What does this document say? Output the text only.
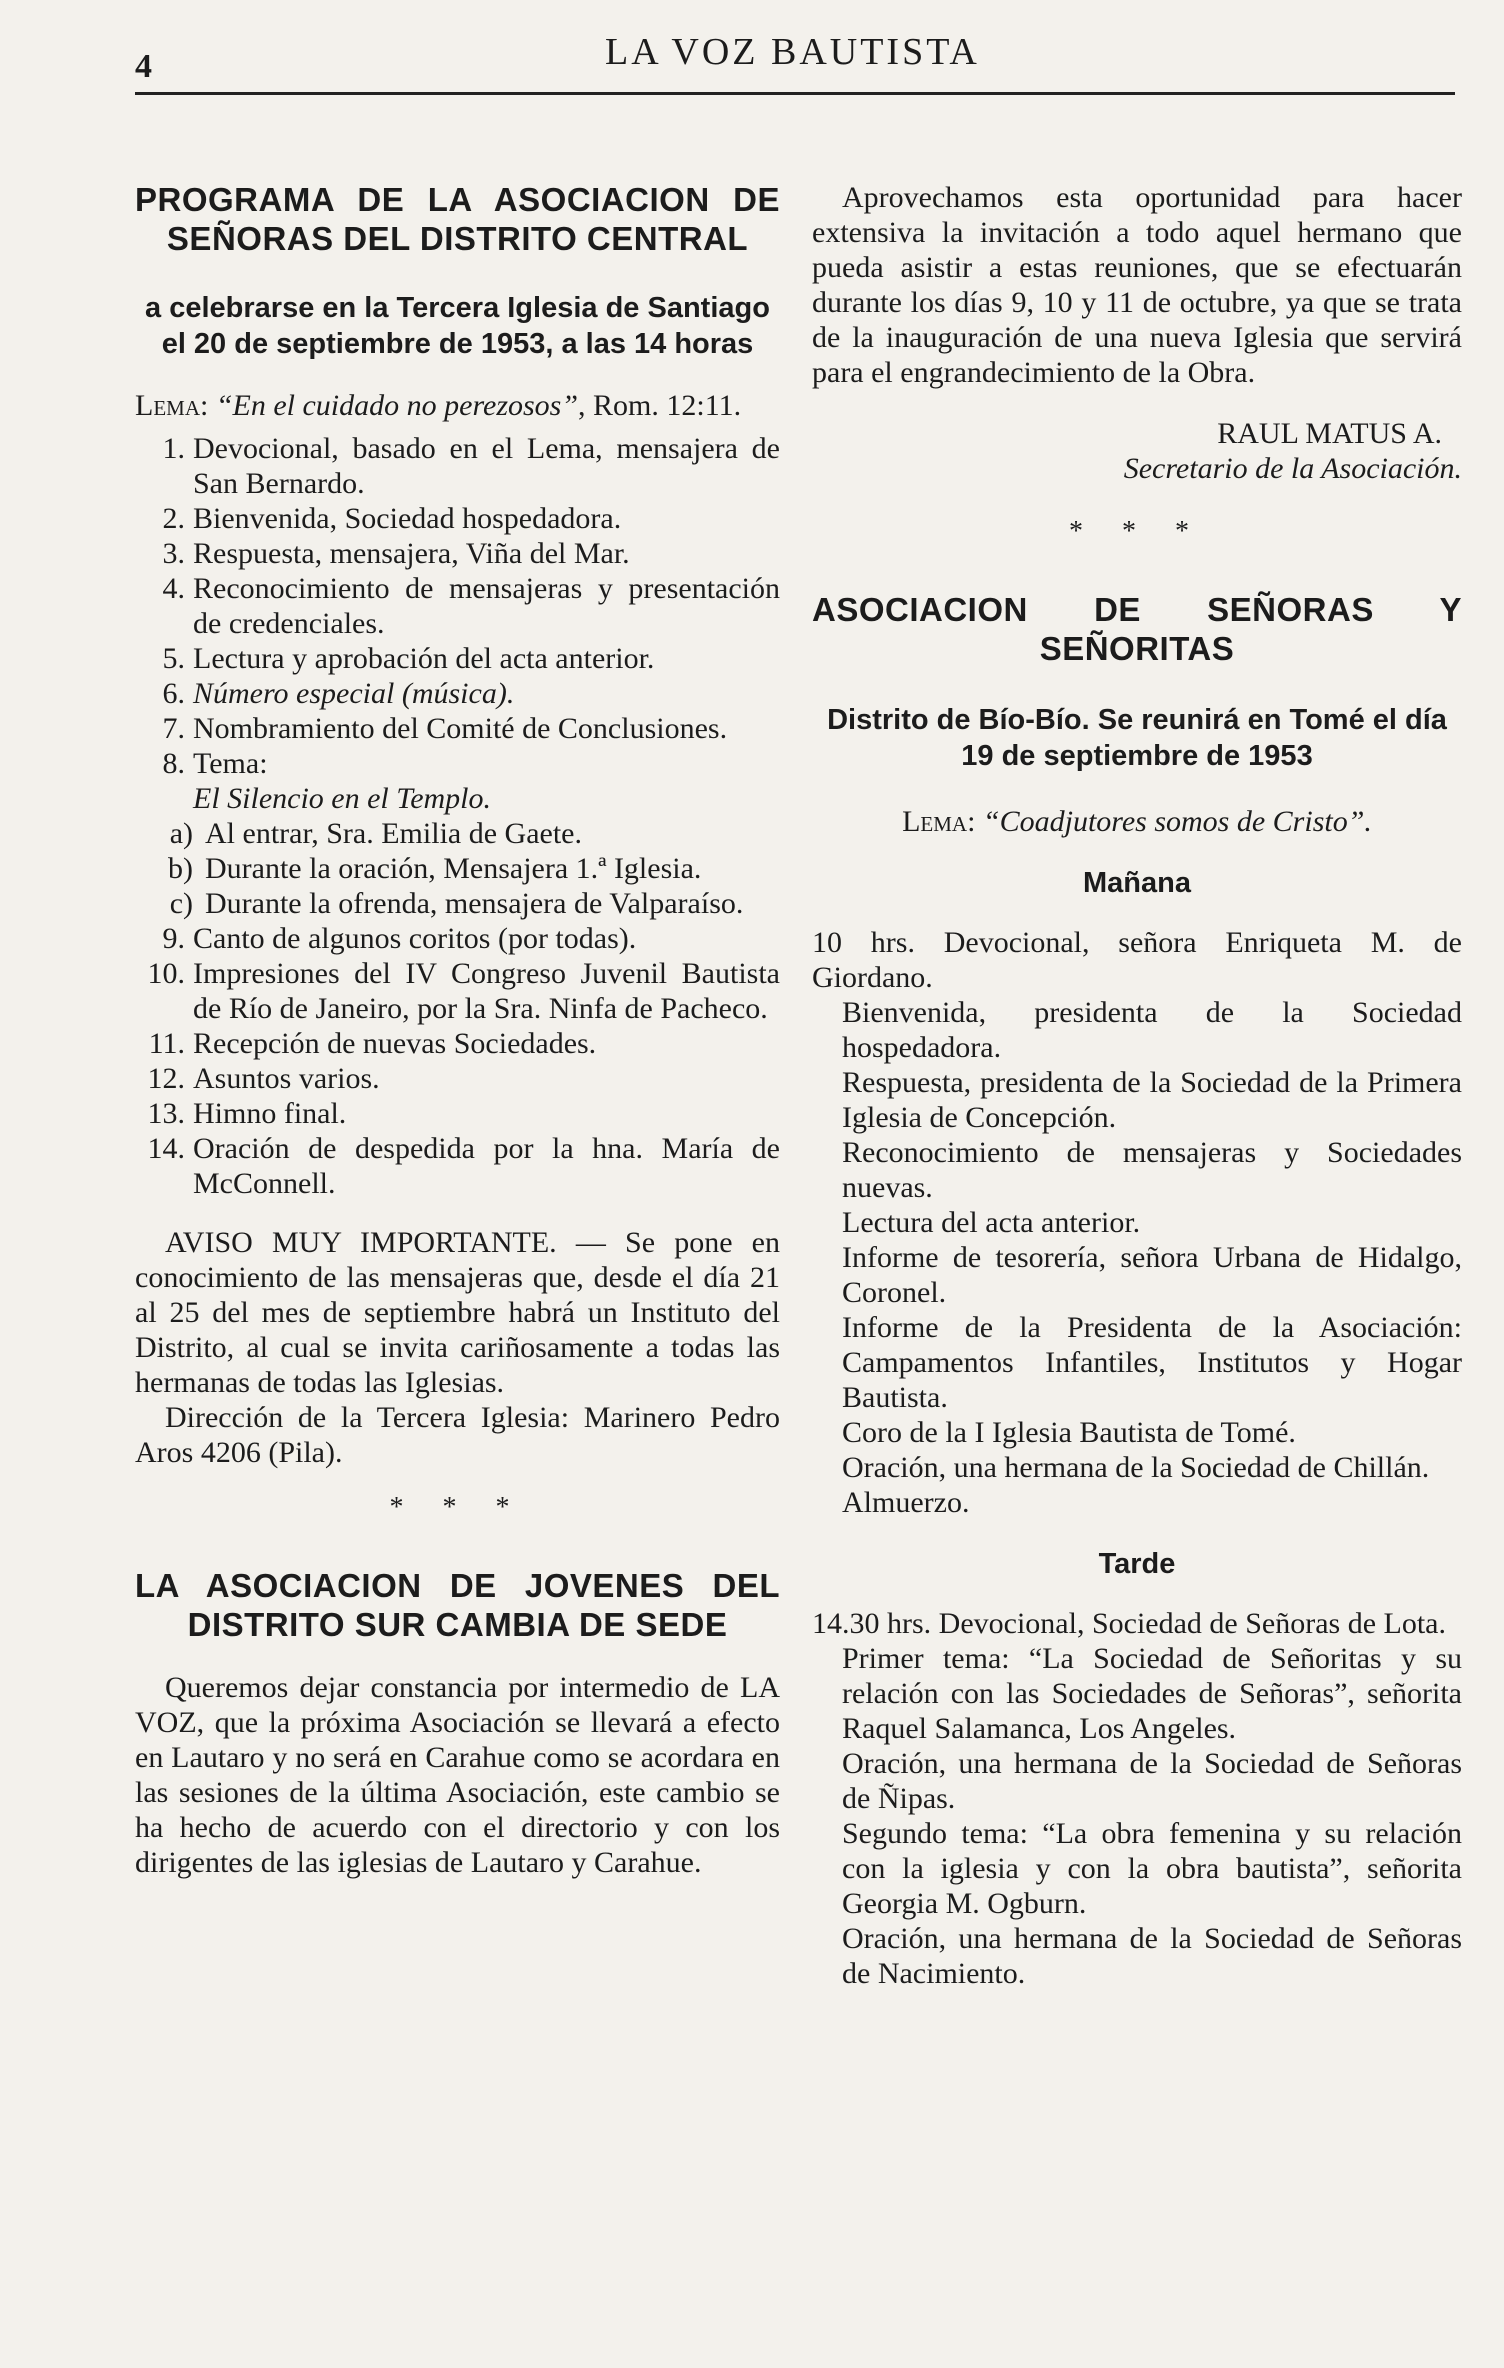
4	LA VOZ BAUTISTA
PROGRAMA DE LA ASOCIACION DE SEÑORAS DEL DISTRITO CENTRAL
a celebrarse en la Tercera Iglesia de Santiago el 20 de septiembre de 1953, a las 14 horas

Lema: “En el cuidado no perezosos”, Rom. 12:11.

1. Devocional, basado en el Lema, mensajera de San Bernardo.
2. Bienvenida, Sociedad hospedadora.
3. Respuesta, mensajera, Viña del Mar.
4. Reconocimiento de mensajeras y presentación de credenciales.
5. Lectura y aprobación del acta anterior.
6. Número especial (música).
7. Nombramiento del Comité de Conclusiones.
8. Tema:
El Silencio en el Templo.
a) Al entrar, Sra. Emilia de Gaete.
b) Durante la oración, Mensajera 1.ª Iglesia.
c) Durante la ofrenda, mensajera de Valparaíso.
9. Canto de algunos coritos (por todas).
10. Impresiones del IV Congreso Juvenil Bautista de Río de Janeiro, por la Sra. Ninfa de Pacheco.
11. Recepción de nuevas Sociedades.
12. Asuntos varios.
13. Himno final.
14. Oración de despedida por la hna. María de McConnell.

AVISO MUY IMPORTANTE. — Se pone en conocimiento de las mensajeras que, desde el día 21 al 25 del mes de septiembre habrá un Instituto del Distrito, al cual se invita cariñosamente a todas las hermanas de todas las Iglesias.

Dirección de la Tercera Iglesia: Marinero Pedro Aros 4206 (Pila).

* * *
LA ASOCIACION DE JOVENES DEL DISTRITO SUR CAMBIA DE SEDE

Queremos dejar constancia por intermedio de LA VOZ, que la próxima Asociación se llevará a efecto en Lautaro y no será en Carahue como se acordara en las sesiones de la última Asociación, este cambio se ha hecho de acuerdo con el directorio y con los dirigentes de las iglesias de Lautaro y Carahue.

Aprovechamos esta oportunidad para hacer extensiva la invitación a todo aquel hermano que pueda asistir a estas reuniones, que se efectuarán durante los días 9, 10 y 11 de octubre, ya que se trata de la inauguración de una nueva Iglesia que servirá para el engrandecimiento de la Obra.

RAUL MATUS A.

Secretario de la Asociación.

* * *
ASOCIACION DE SEÑORAS Y SEÑORITAS
Distrito de Bío-Bío. Se reunirá en Tomé el día 19 de septiembre de 1953

Lema: “Coadjutores somos de Cristo”.

Mañana

10 hrs. Devocional, señora Enriqueta M. de Giordano.

Bienvenida, presidenta de la Sociedad hospedadora.

Respuesta, presidenta de la Sociedad de la Primera Iglesia de Concepción.

Reconocimiento de mensajeras y Sociedades nuevas.

Lectura del acta anterior.

Informe de tesorería, señora Urbana de Hidalgo, Coronel.

Informe de la Presidenta de la Asociación: Campamentos Infantiles, Institutos y Hogar Bautista.

Coro de la I Iglesia Bautista de Tomé.

Oración, una hermana de la Sociedad de Chillán.

Almuerzo.

Tarde

14.30 hrs. Devocional, Sociedad de Señoras de Lota.

Primer tema: “La Sociedad de Señoritas y su relación con las Sociedades de Señoras”, señorita Raquel Salamanca, Los Angeles.

Oración, una hermana de la Sociedad de Señoras de Ñipas.

Segundo tema: “La obra femenina y su relación con la iglesia y con la obra bautista”, señorita Georgia M. Ogburn.

Oración, una hermana de la Sociedad de Señoras de Nacimiento.
